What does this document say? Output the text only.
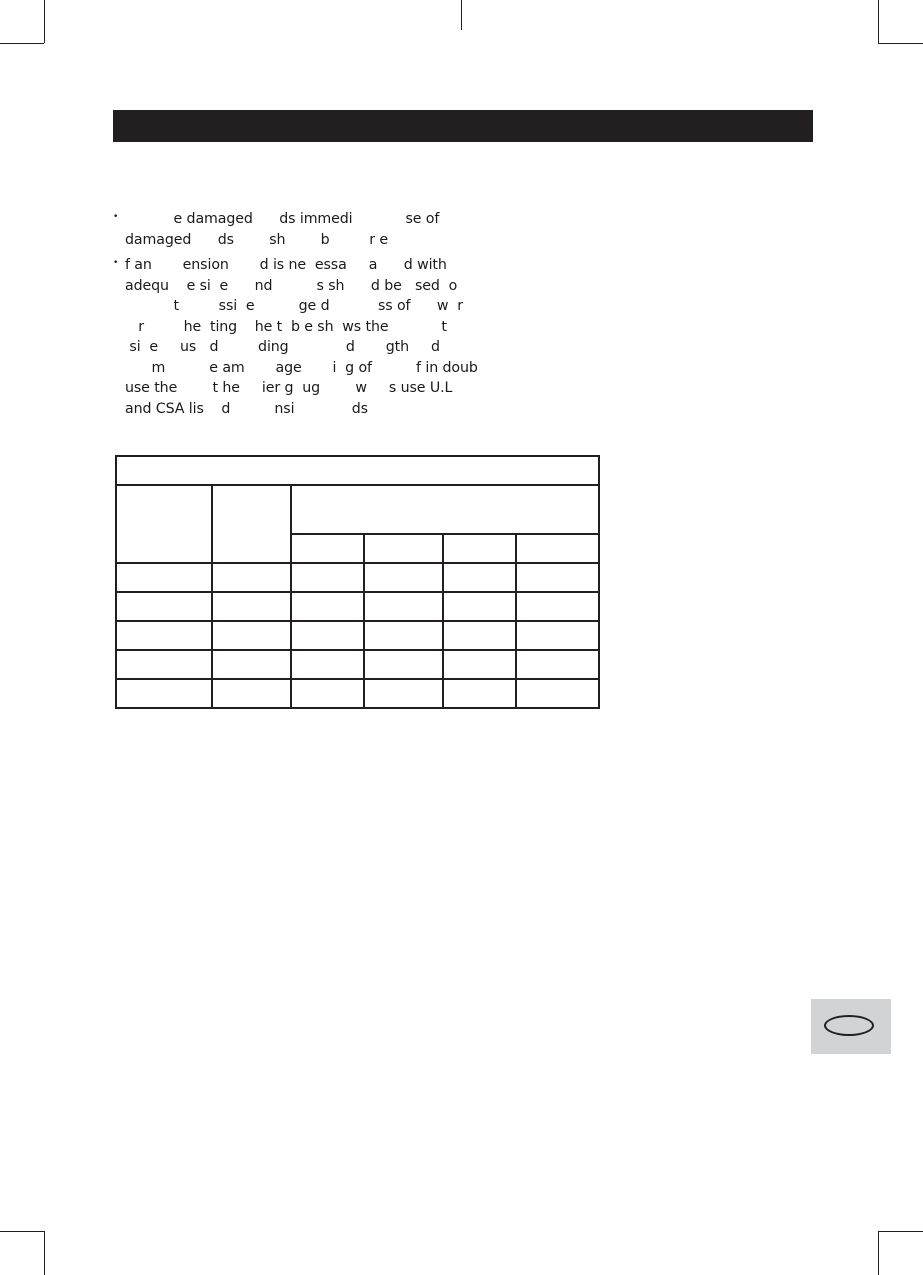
• e damaged      ds immedi            se of
damaged      ds        sh        b         r e
• f an       ension       d is ne  essa     a      d with
adequ    e si  e      nd          s sh      d be   sed  o
t         ssi  e          ge d           ss of      w  r
r         he  ting    he t  b e sh  ws the            t
si  e     us   d         ding             d       gth     d
m          e am       age       i  g of          f in doub
use the        t he     ier g  ug        w     s use U.L
and CSA lis    d          nsi             ds
